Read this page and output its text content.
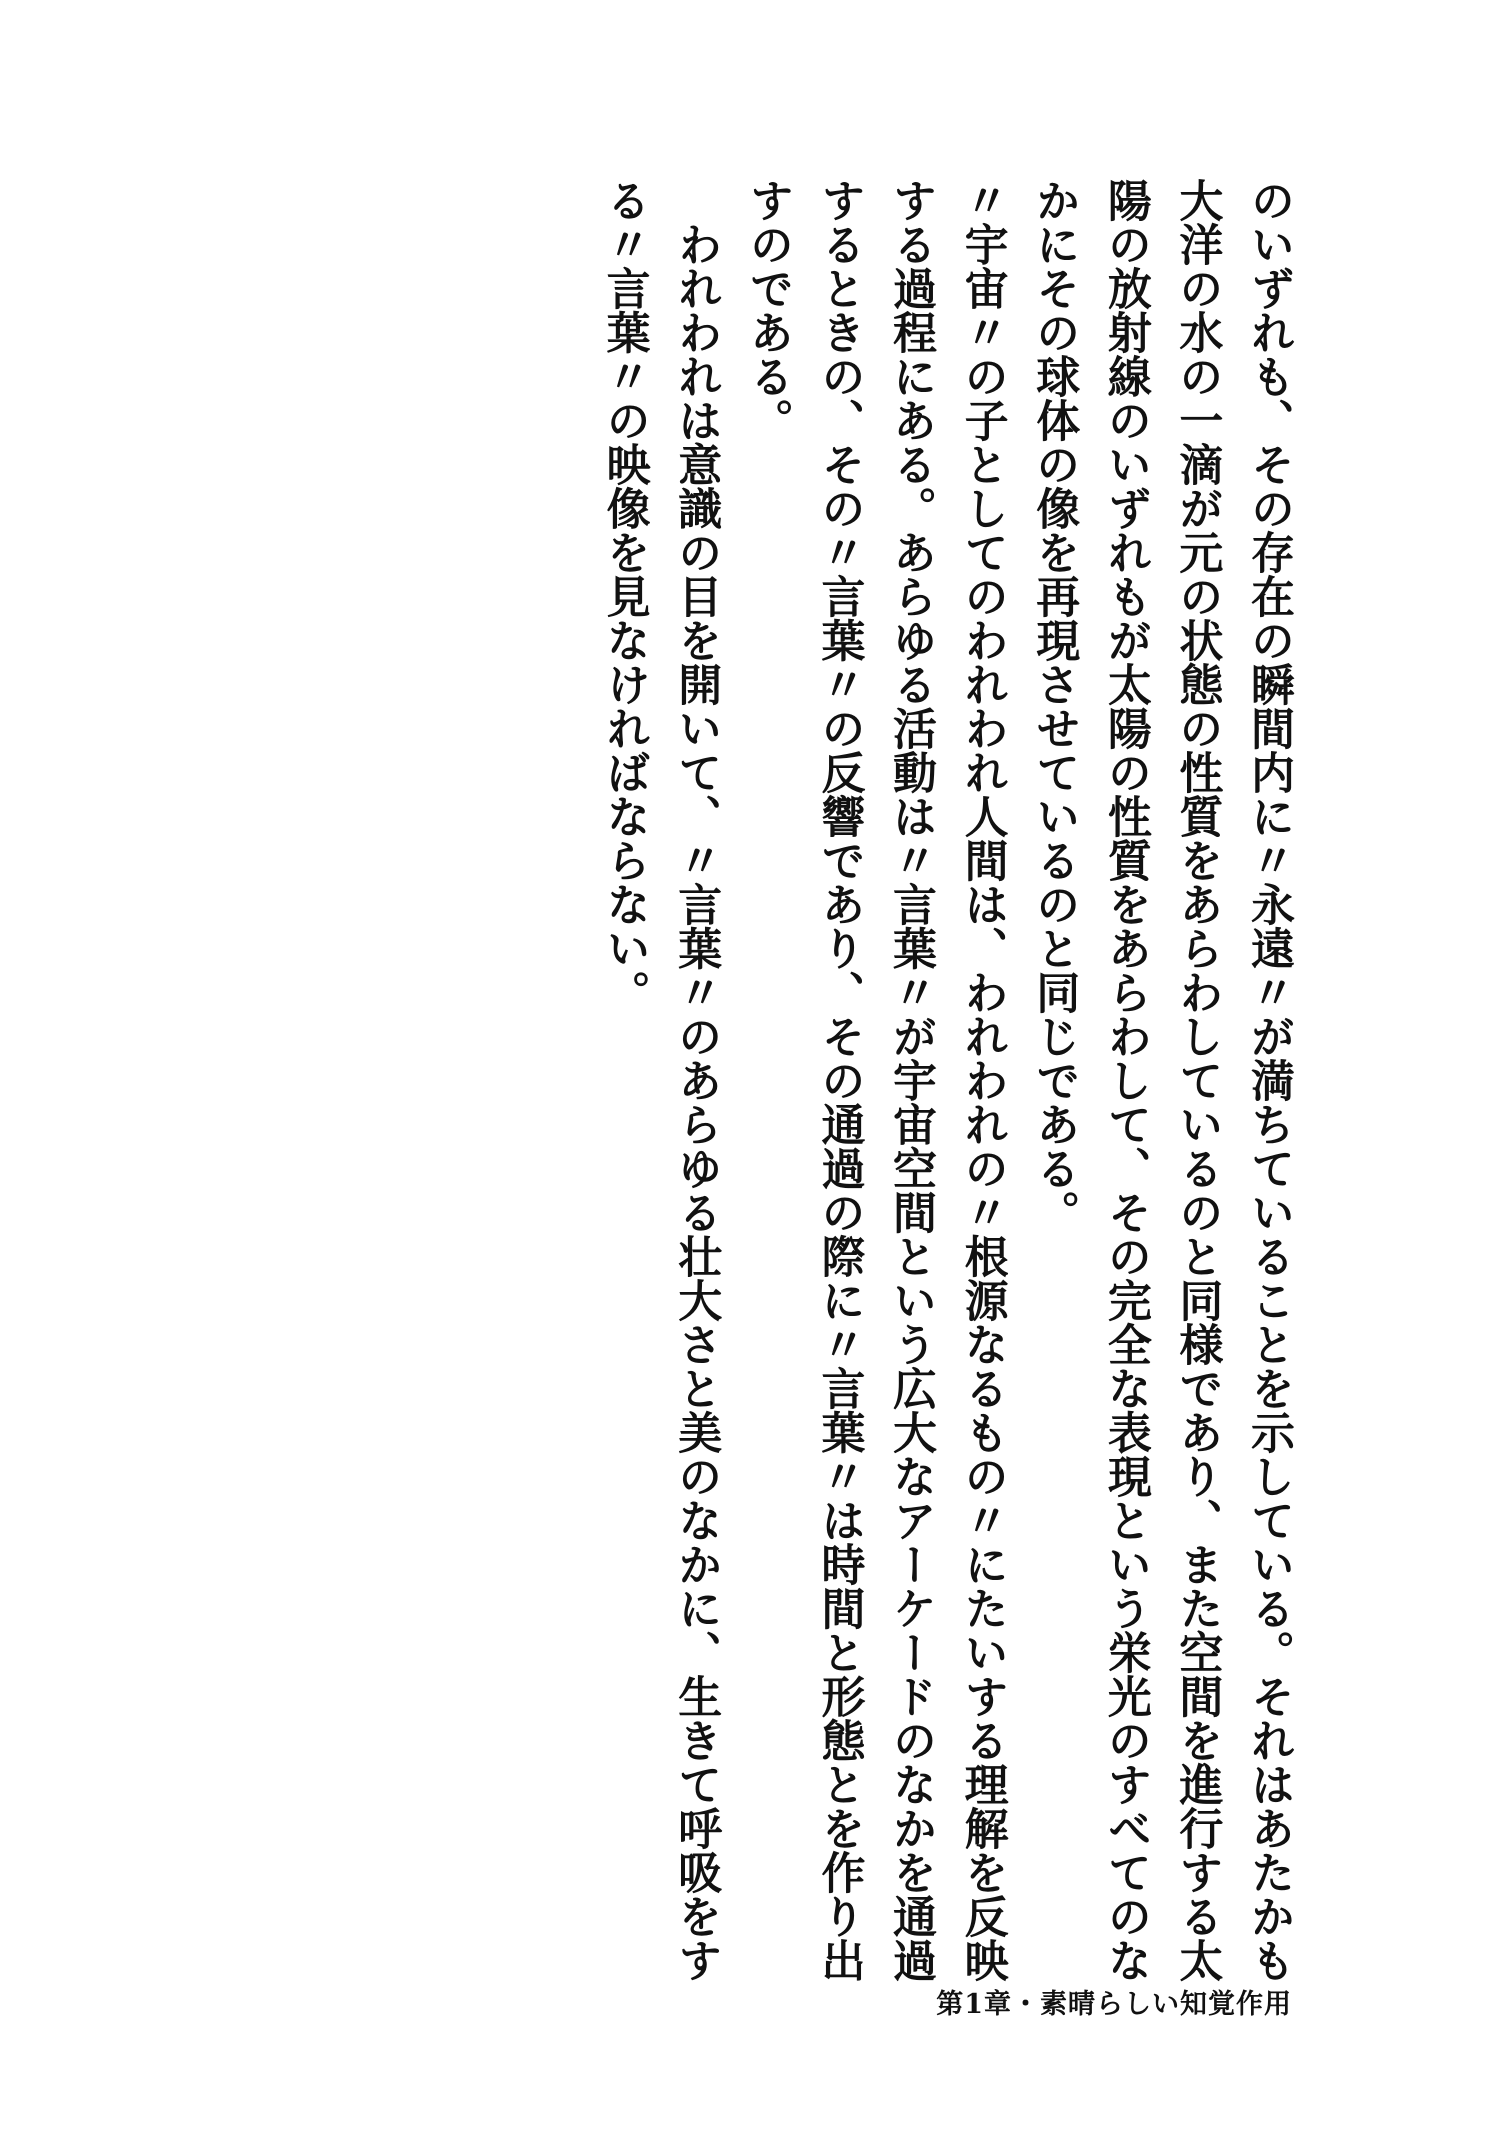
のいずれも、その存在の瞬間内に〃永遠〃が満ちていることを示している。それはあたかも
大洋の水の一滴が元の状態の性質をあらわしているのと同様であり、また空間を進行する太
陽の放射線のいずれもが太陽の性質をあらわして、その完全な表現という栄光のすべてのな
かにその球体の像を再現させているのと同じである。
〃宇宙〃の子としてのわれわれ人間は、われわれの〃根源なるもの〃にたいする理解を反映
する過程にある。あらゆる活動は〃言葉〃が宇宙空間という広大なアーケードのなかを通過
するときの、その〃言葉〃の反響であり、その通過の際に〃言葉〃は時間と形態とを作り出
すのである。
　われわれは意識の目を開いて、〃言葉〃のあらゆる壮大さと美のなかに、生きて呼吸をす
る〃言葉〃の映像を見なければならない。
第1章・素晴らしい知覚作用
